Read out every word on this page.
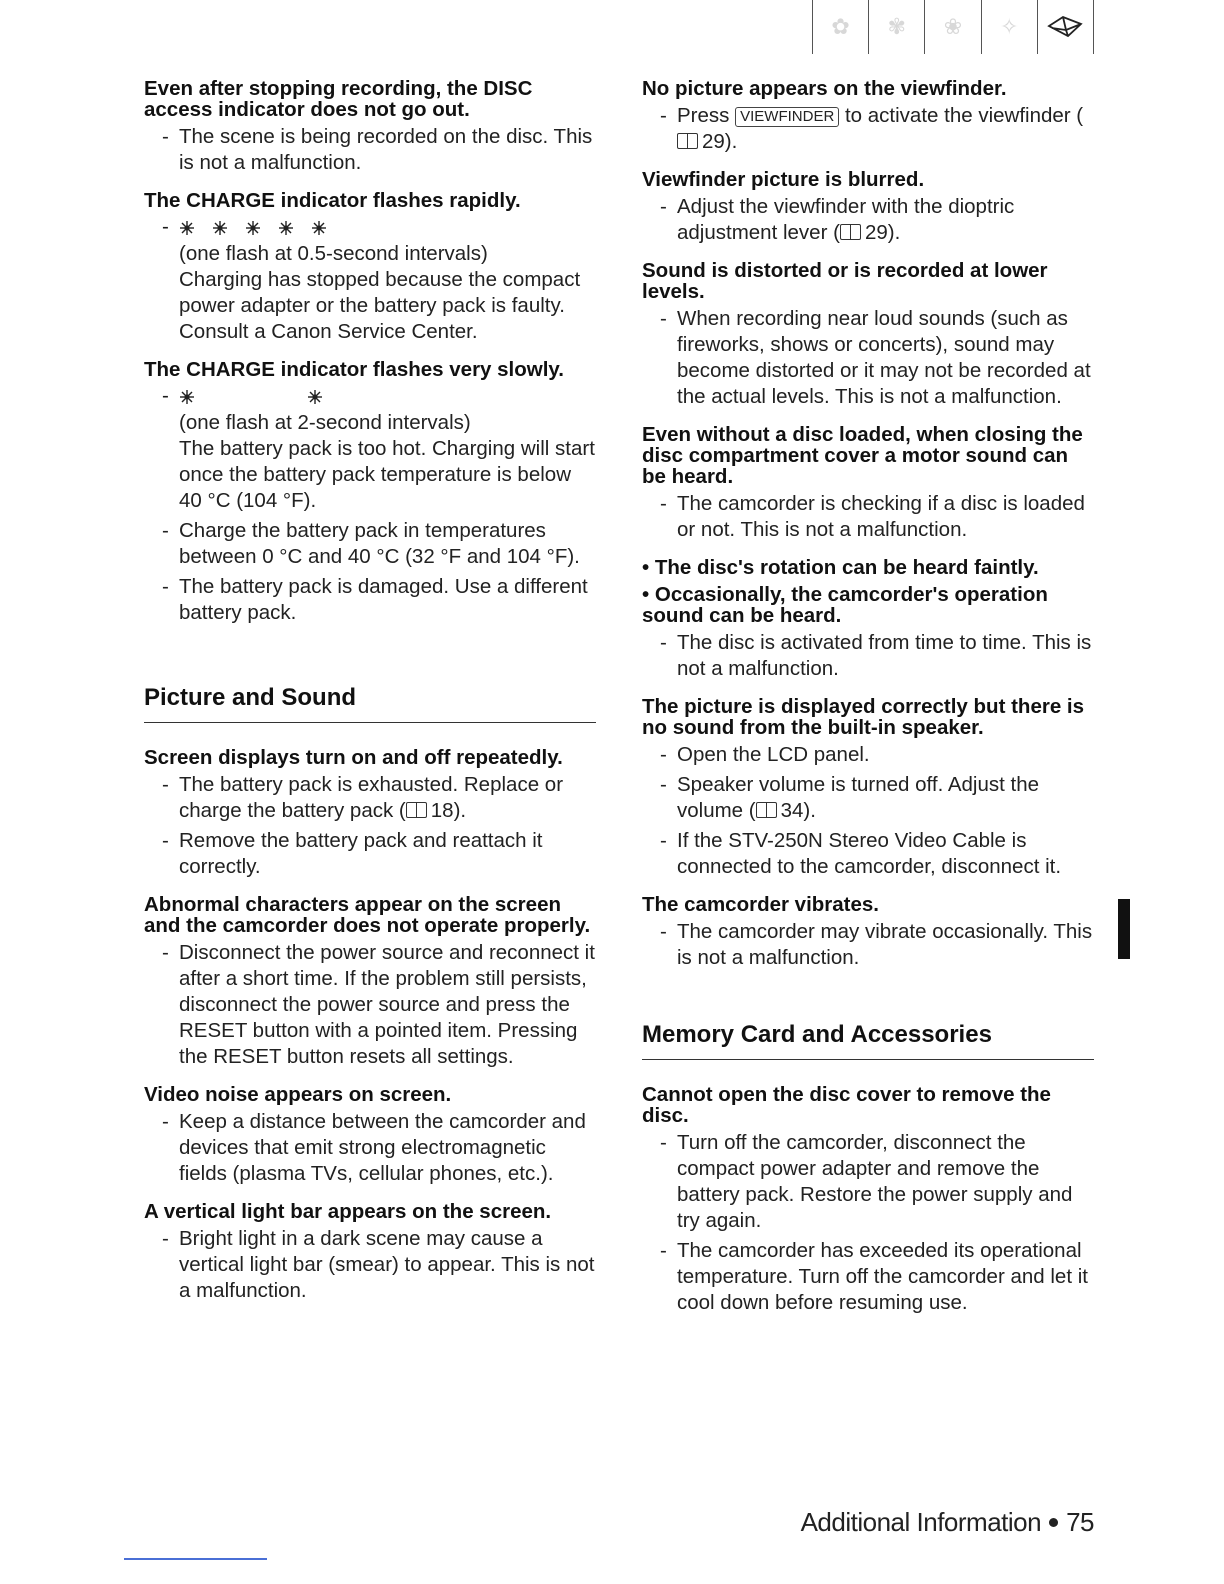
✿ ✾ ❀ ✧
Even after stopping recording, the DISC access indicator does not go out.
- The scene is being recorded on the disc. This is not a malfunction.
The CHARGE indicator flashes rapidly.
-
(one flash at 0.5-second intervals)
Charging has stopped because the compact power adapter or the battery pack is faulty. Consult a Canon Service Center.
The CHARGE indicator flashes very slowly.
-
(one flash at 2-second intervals)
The battery pack is too hot. Charging will start once the battery pack temperature is below 40 °C (104 °F).
- Charge the battery pack in temperatures between 0 °C and 40 °C (32 °F and 104 °F).
- The battery pack is damaged. Use a different battery pack.
Picture and Sound
Screen displays turn on and off repeatedly.
- The battery pack is exhausted. Replace or charge the battery pack ( 18).
- Remove the battery pack and reattach it correctly.
Abnormal characters appear on the screen and the camcorder does not operate properly.
- Disconnect the power source and reconnect it after a short time. If the problem still persists, disconnect the power source and press the RESET button with a pointed item. Pressing the RESET button resets all settings.
Video noise appears on screen.
- Keep a distance between the camcorder and devices that emit strong electromagnetic fields (plasma TVs, cellular phones, etc.).
A vertical light bar appears on the screen.
- Bright light in a dark scene may cause a vertical light bar (smear) to appear. This is not a malfunction.
No picture appears on the viewfinder.
- Press VIEWFINDER to activate the viewfinder (29).
Viewfinder picture is blurred.
- Adjust the viewfinder with the dioptric adjustment lever ( 29).
Sound is distorted or is recorded at lower levels.
- When recording near loud sounds (such as fireworks, shows or concerts), sound may become distorted or it may not be recorded at the actual levels. This is not a malfunction.
Even without a disc loaded, when closing the disc compartment cover a motor sound can be heard.
- The camcorder is checking if a disc is loaded or not. This is not a malfunction.
• The disc's rotation can be heard faintly.
• Occasionally, the camcorder's operation sound can be heard.
- The disc is activated from time to time. This is not a malfunction.
The picture is displayed correctly but there is no sound from the built-in speaker.
- Open the LCD panel.
- Speaker volume is turned off. Adjust the volume ( 34).
- If the STV-250N Stereo Video Cable is connected to the camcorder, disconnect it.
The camcorder vibrates.
- The camcorder may vibrate occasionally. This is not a malfunction.
Memory Card and Accessories
Cannot open the disc cover to remove the disc.
- Turn off the camcorder, disconnect the compact power adapter and remove the battery pack. Restore the power supply and try again.
- The camcorder has exceeded its operational temperature. Turn off the camcorder and let it cool down before resuming use.
Additional Information 75
